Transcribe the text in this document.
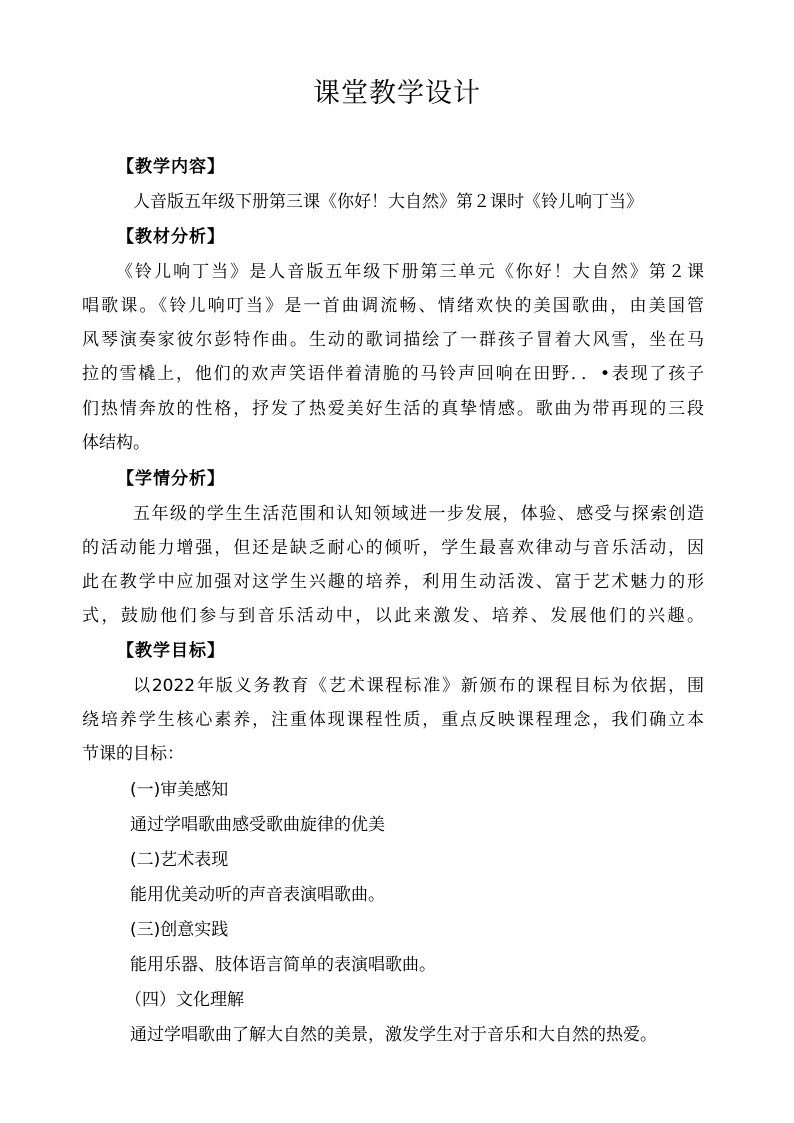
课堂教学设计
【教学内容】
人音版五年级下册第三课《你好！大自然》第２课时《铃儿响丁当》
【教材分析】
《铃儿响丁当》是人音版五年级下册第三单元《你好！大自然》第２课
唱歌课。《铃儿响叮当》是一首曲调流畅、情绪欢快的美国歌曲，由美国管
风琴演奏家彼尔彭特作曲。生动的歌词描绘了一群孩子冒着大风雪，坐在马
拉的雪橇上，他们的欢声笑语伴着清脆的马铃声回响在田野．．•表现了孩子
们热情奔放的性格，抒发了热爱美好生活的真挚情感。歌曲为带再现的三段
体结构。
【学情分析】
五年级的学生生活范围和认知领域进一步发展，体验、感受与探索创造
的活动能力增强，但还是缺乏耐心的倾听，学生最喜欢律动与音乐活动，因
此在教学中应加强对这学生兴趣的培养，利用生动活泼、富于艺术魅力的形
式，鼓励他们参与到音乐活动中，以此来激发、培养、发展他们的兴趣。
【教学目标】
以2022年版义务教育《艺术课程标准》新颁布的课程目标为依据，围
绕培养学生核心素养，注重体现课程性质，重点反映课程理念，我们确立本
节课的目标：
(一)审美感知
通过学唱歌曲感受歌曲旋律的优美
(二)艺术表现
能用优美动听的声音表演唱歌曲。
(三)创意实践
能用乐器、肢体语言简单的表演唱歌曲。
（四）文化理解
通过学唱歌曲了解大自然的美景，激发学生对于音乐和大自然的热爱。
